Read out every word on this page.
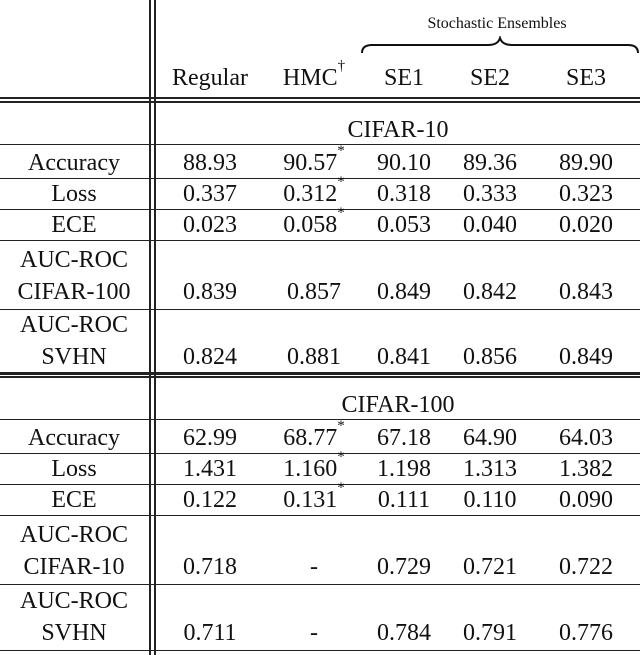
Stochastic Ensembles
Regular	HMC†	SE1	SE2	SE3
CIFAR-10
Accuracy	88.93	90.57*	90.10	89.36	89.90
Loss	0.337	0.312*	0.318	0.333	0.323
ECE	0.023	0.058*	0.053	0.040	0.020
AUC-ROC
CIFAR-100	0.839	0.857	0.849	0.842	0.843
AUC-ROC
SVHN	0.824	0.881	0.841	0.856	0.849
CIFAR-100
Accuracy	62.99	68.77*	67.18	64.90	64.03
Loss	1.431	1.160*	1.198	1.313	1.382
ECE	0.122	0.131*	0.111	0.110	0.090
AUC-ROC
CIFAR-10	0.718	-	0.729	0.721	0.722
AUC-ROC
SVHN	0.711	-	0.784	0.791	0.776
